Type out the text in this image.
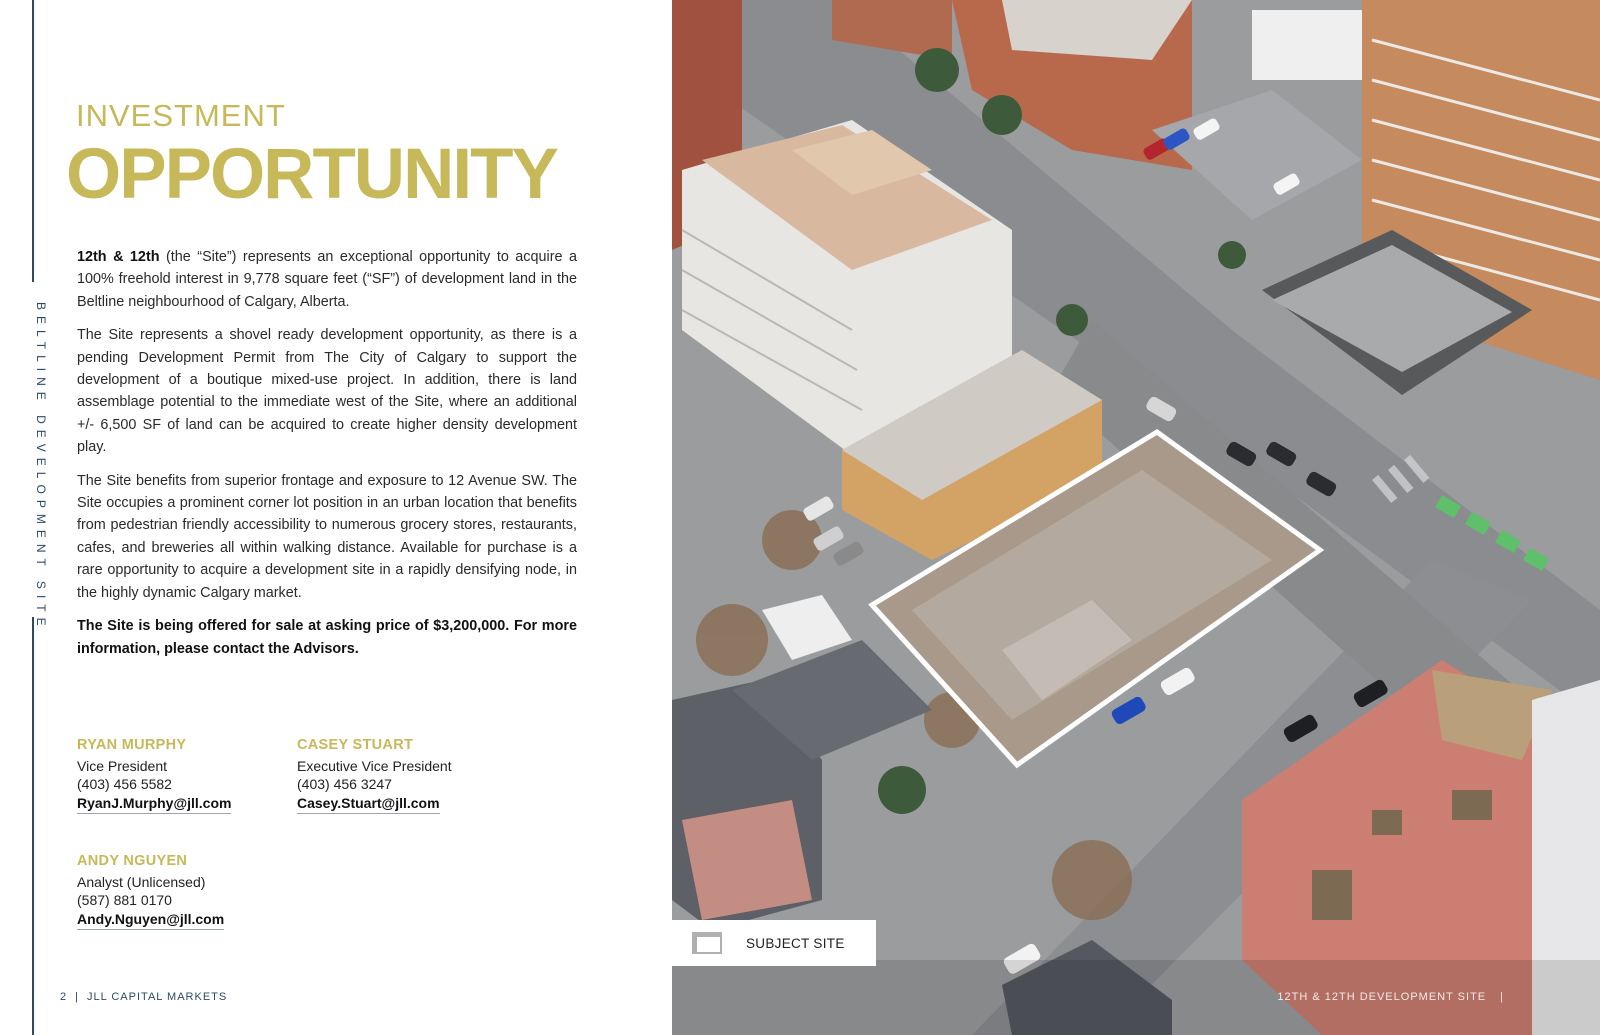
BELTLINE DEVELOPMENT SITE
INVESTMENT
OPPORTUNITY

12th & 12th (the “Site”) represents an exceptional opportunity to acquire a 100% freehold interest in 9,778 square feet (“SF”) of development land in the Beltline neighbourhood of Calgary, Alberta.

The Site represents a shovel ready development opportunity, as there is a pending Development Permit from The City of Calgary to support the development of a boutique mixed-use project. In addition, there is land assemblage potential to the immediate west of the Site, where an additional +/- 6,500 SF of land can be acquired to create higher density development play.

The Site benefits from superior frontage and exposure to 12 Avenue SW. The Site occupies a prominent corner lot position in an urban location that benefits from pedestrian friendly accessibility to numerous grocery stores, restaurants, cafes, and breweries all within walking distance. Available for purchase is a rare opportunity to acquire a development site in a rapidly densifying node, in the highly dynamic Calgary market.

The Site is being offered for sale at asking price of $3,200,000. For more information, please contact the Advisors.

RYAN MURPHY
Vice President
(403) 456 5582
RyanJ.Murphy@jll.com
CASEY STUART
Executive Vice President
(403) 456 3247
Casey.Stuart@jll.com
ANDY NGUYEN
Analyst (Unlicensed)
(587) 881 0170
Andy.Nguyen@jll.com
2 | JLL CAPITAL MARKETS
SUBJECT SITE
12TH & 12TH DEVELOPMENT SITE |
